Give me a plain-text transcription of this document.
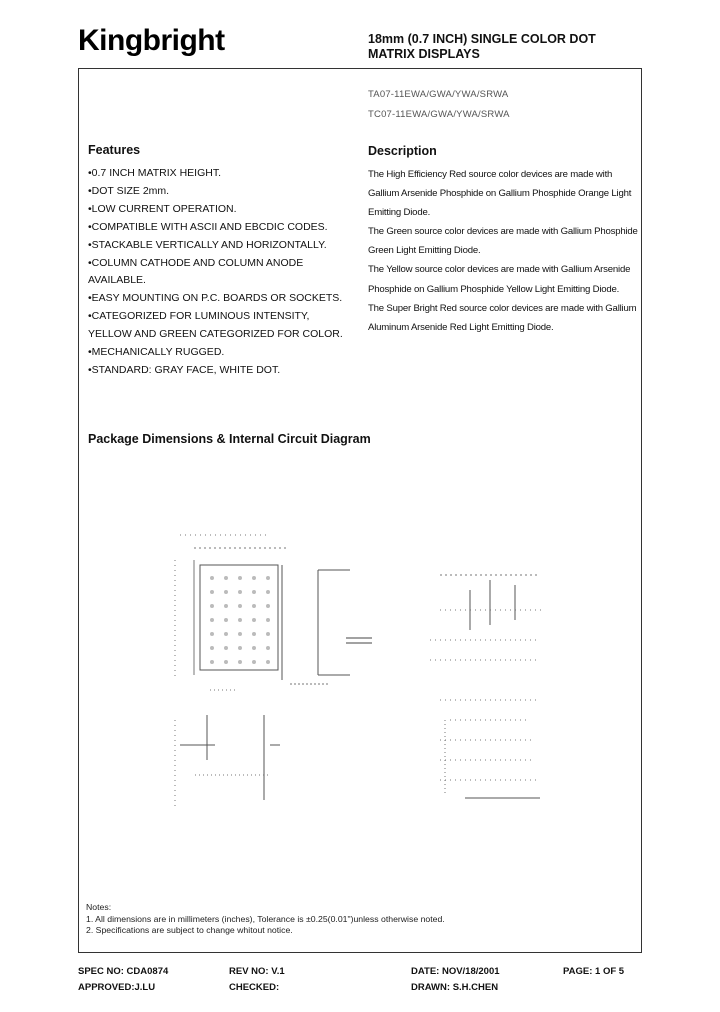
Kingbright	18mm (0.7 INCH) SINGLE COLOR DOT
MATRIX DISPLAYS
TA07-11EWA/GWA/YWA/SRWA
TC07-11EWA/GWA/YWA/SRWA
Features
•0.7 INCH MATRIX HEIGHT.
•DOT SIZE 2mm.
•LOW CURRENT OPERATION.
•COMPATIBLE WITH ASCII AND EBCDIC CODES.
•STACKABLE VERTICALLY AND HORIZONTALLY.
•COLUMN CATHODE AND COLUMN ANODE
AVAILABLE.
•EASY MOUNTING ON P.C. BOARDS OR SOCKETS.
•CATEGORIZED FOR LUMINOUS INTENSITY,
YELLOW AND GREEN CATEGORIZED FOR COLOR.
•MECHANICALLY RUGGED.
•STANDARD: GRAY FACE, WHITE DOT.
Description
The High Efficiency Red source color devices are made with
Gallium Arsenide Phosphide on Gallium Phosphide Orange Light
Emitting Diode.
The Green source color devices are made with Gallium Phosphide
Green Light Emitting Diode.
The Yellow source color devices are made with Gallium Arsenide
Phosphide on Gallium Phosphide Yellow Light Emitting Diode.
The Super Bright Red source color devices are made with Gallium
Aluminum Arsenide Red Light Emitting Diode.
Package Dimensions & Internal Circuit Diagram
Notes:
1. All dimensions are in millimeters (inches), Tolerance is ±0.25(0.01")unless otherwise noted.
2. Specifications are subject to change whitout notice.
SPEC NO: CDA0874	REV NO: V.1	DATE: NOV/18/2001	PAGE: 1 OF 5
APPROVED:J.LU	CHECKED:	DRAWN: S.H.CHEN
